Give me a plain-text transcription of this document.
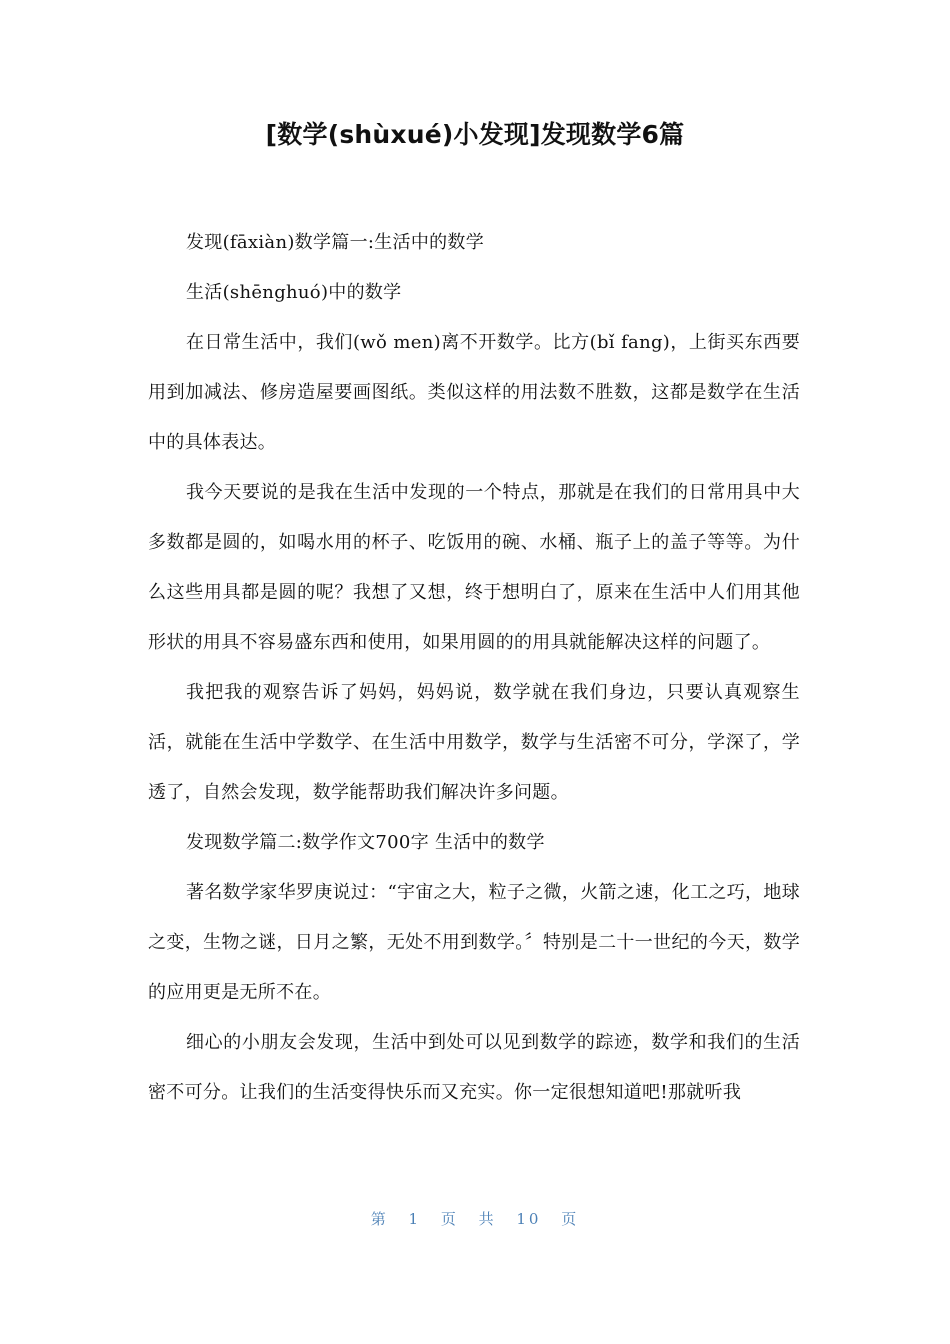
[数学(shùxué)小发现]发现数学6篇

发现(fāxiàn)数学篇一:生活中的数学

生活(shēnghuó)中的数学

在日常生活中，我们(wǒ men)离不开数学。比方(bǐ fang)，上街买东西要用到加减法、修房造屋要画图纸。类似这样的用法数不胜数，这都是数学在生活中的具体表达。

我今天要说的是我在生活中发现的一个特点，那就是在我们的日常用具中大多数都是圆的，如喝水用的杯子、吃饭用的碗、水桶、瓶子上的盖子等等。为什么这些用具都是圆的呢？我想了又想，终于想明白了，原来在生活中人们用其他形状的用具不容易盛东西和使用，如果用圆的的用具就能解决这样的问题了。

我把我的观察告诉了妈妈，妈妈说，数学就在我们身边，只要认真观察生活，就能在生活中学数学、在生活中用数学，数学与生活密不可分，学深了，学透了，自然会发现，数学能帮助我们解决许多问题。

发现数学篇二:数学作文700字 生活中的数学

著名数学家华罗庚说过：“宇宙之大，粒子之微，火箭之速，化工之巧，地球之变，生物之谜，日月之繁，无处不用到数学。〞特别是二十一世纪的今天，数学的应用更是无所不在。

细心的小朋友会发现，生活中到处可以见到数学的踪迹，数学和我们的生活密不可分。让我们的生活变得快乐而又充实。你一定很想知道吧!那就听我

第 1 页 共 10 页
